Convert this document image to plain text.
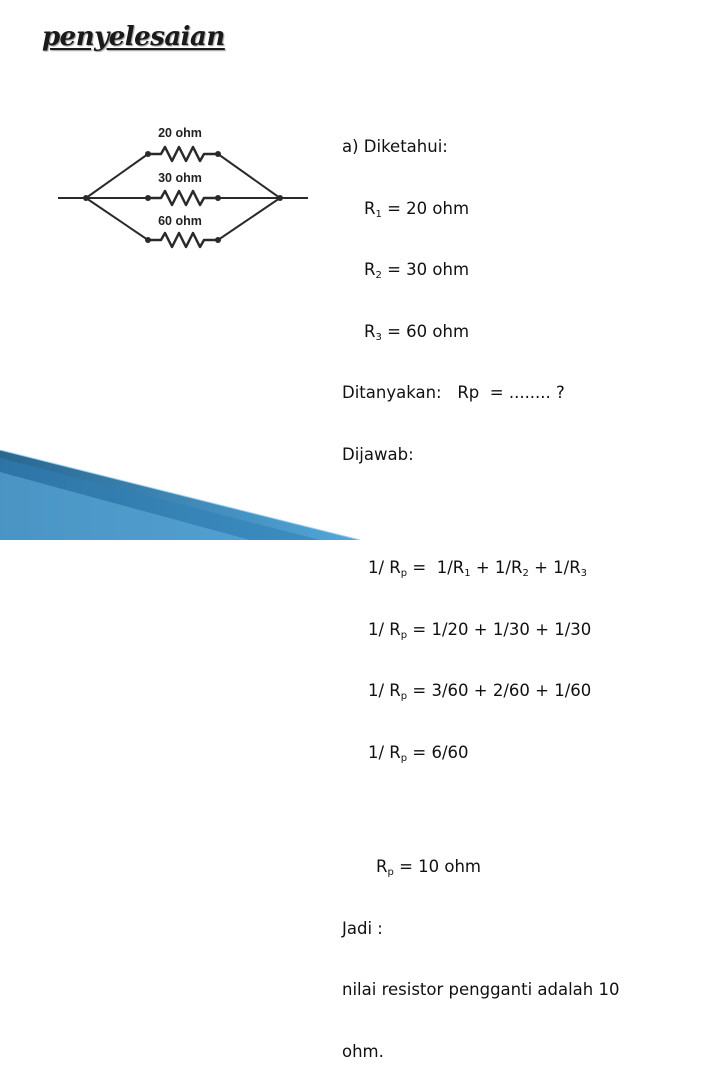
penyelesaian
20 ohm
30 ohm
60 ohm

a) Diketahui:

$R_1 = 20$ ohm

$R_2 = 30$ ohm

$R_3 = 60$ ohm

Ditanyakan:   Rp  = ........ ?

Dijawab:

1/ $R_p = 1/R_1 + 1/R_2 + 1/R_3$

1/ $R_p = 1/20 + 1/30 + 1/30$

1/ $R_p = 3/60 + 2/60 + 1/60$

1/ $R_p = 6/60$

$R_p = 10$ ohm

Jadi :

nilai resistor pengganti adalah 10

ohm.
